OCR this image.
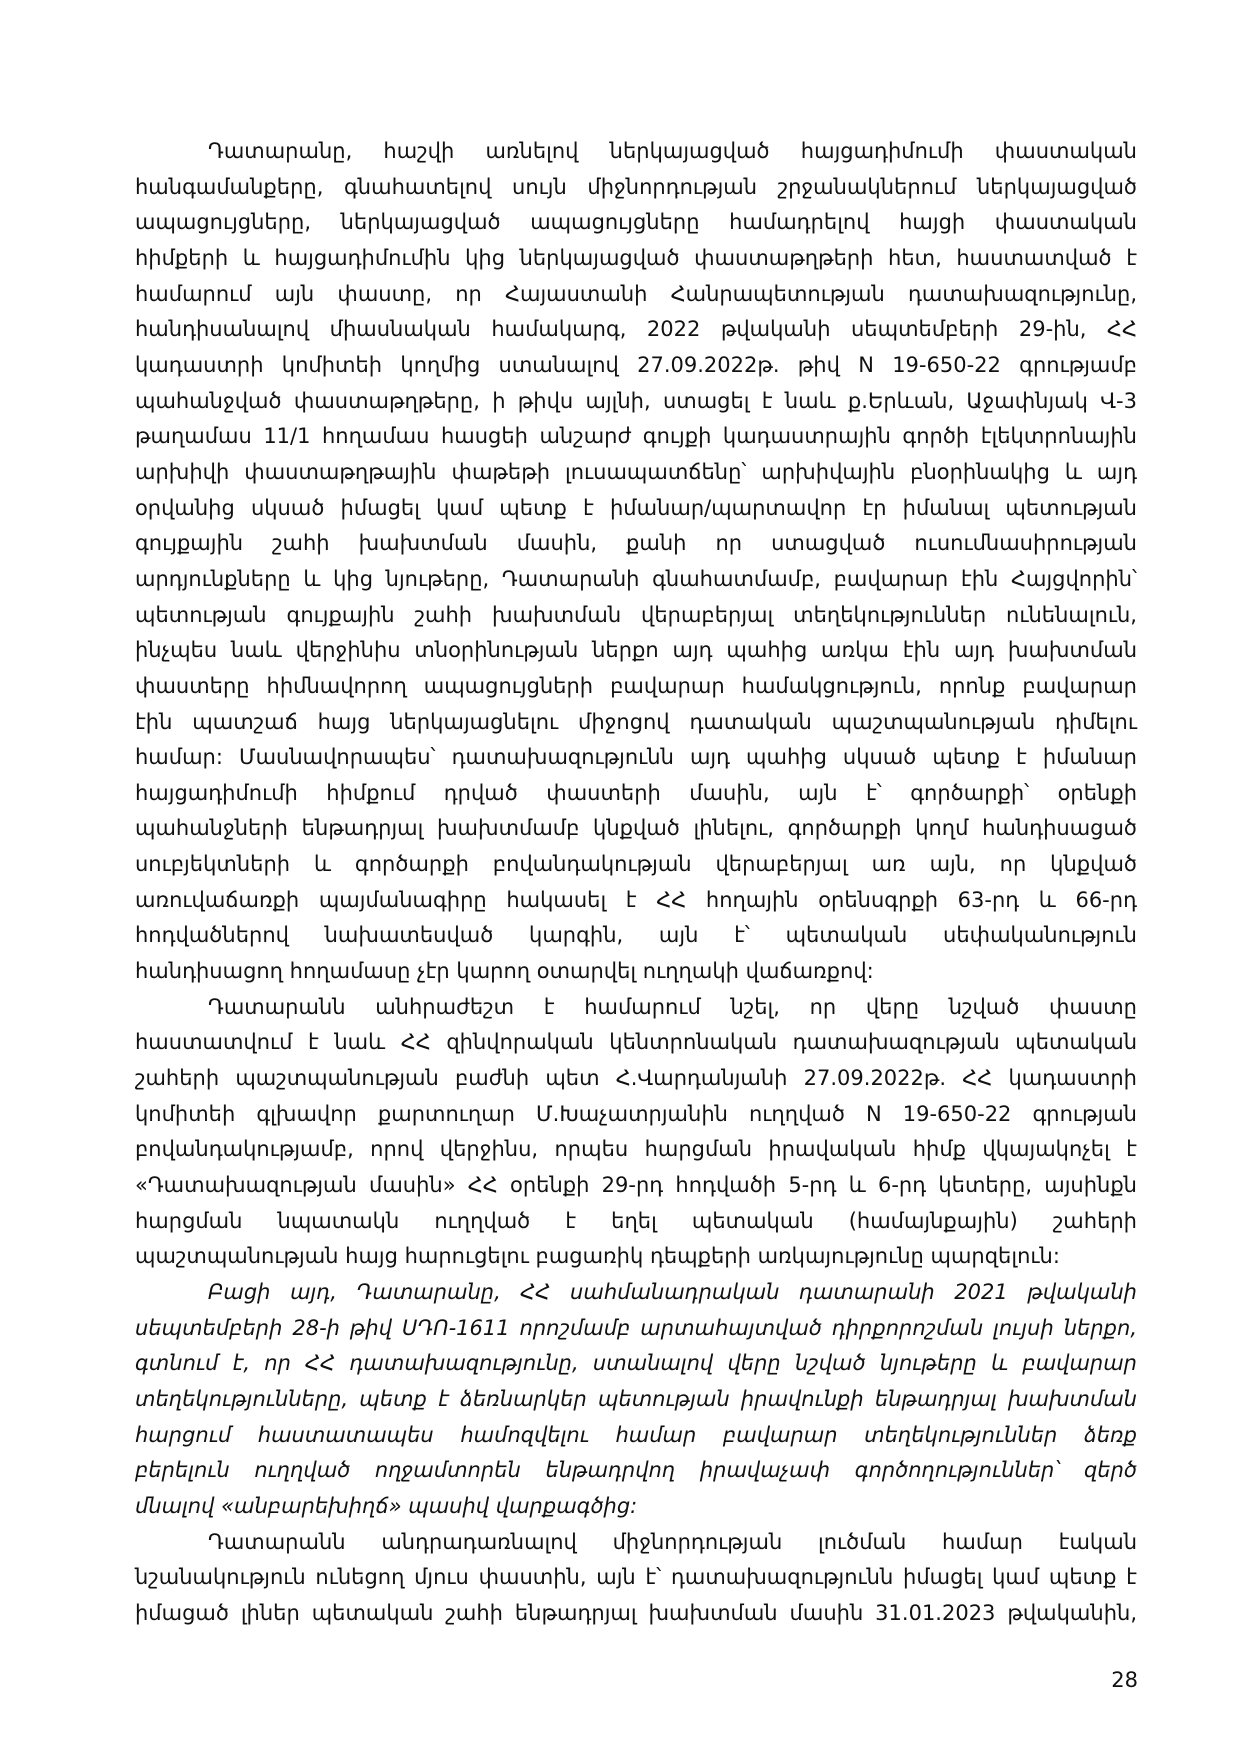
Դատարանը, հաշվի առնելով ներկայացված հայցադիմումի փաստական
հանգամանքերը, գնահատելով սույն միջնորդության շրջանակներում ներկայացված
ապացույցները, ներկայացված ապացույցները համադրելով հայցի փաստական
հիմքերի և հայցադիմումին կից ներկայացված փաստաթղթերի հետ, հաստատված է
համարում այն փաստը, որ Հայաստանի Հանրապետության դատախազությունը,
հանդիսանալով միասնական համակարգ, 2022 թվականի սեպտեմբերի 29-ին, ՀՀ
կադաստրի կոմիտեի կողմից ստանալով 27.09.2022թ. թիվ N 19-650-22 գրությամբ
պահանջված փաստաթղթերը, ի թիվս այլնի, ստացել է նաև ք.Երևան, Աջափնյակ Վ-3
թաղամաս 11/1 հողամաս հասցեի անշարժ գույքի կադաստրային գործի էլեկտրոնային
արխիվի փաստաթղթային փաթեթի լուսապատճենը՝ արխիվային բնօրինակից և այդ
օրվանից սկսած իմացել կամ պետք է իմանար/պարտավոր էր իմանալ պետության
գույքային շահի խախտման մասին, քանի որ ստացված ուսումնասիրության
արդյունքները և կից նյութերը, Դատարանի գնահատմամբ, բավարար էին Հայցվորին՝
պետության գույքային շահի խախտման վերաբերյալ տեղեկություններ ունենալուն,
ինչպես նաև վերջինիս տնօրինության ներքո այդ պահից առկա էին այդ խախտման
փաստերը հիմնավորող ապացույցների բավարար համակցություն, որոնք բավարար
էին պատշաճ հայց ներկայացնելու միջոցով դատական պաշտպանության դիմելու
համար: Մասնավորապես՝ դատախազությունն այդ պահից սկսած պետք է իմանար
հայցադիմումի հիմքում դրված փաստերի մասին, այն է՝ գործարքի՝ օրենքի
պահանջների ենթադրյալ խախտմամբ կնքված լինելու, գործարքի կողմ հանդիսացած
սուբյեկտների և գործարքի բովանդակության վերաբերյալ առ այն, որ կնքված
առուվաճառքի պայմանագիրը հակասել է ՀՀ հողային օրենսգրքի 63-րդ և 66-րդ
հոդվածներով նախատեսված կարգին, այն է՝ պետական սեփականություն
հանդիսացող հողամասը չէր կարող օտարվել ուղղակի վաճառքով:
Դատարանն անհրաժեշտ է համարում նշել, որ վերը նշված փաստը
հաստատվում է նաև ՀՀ զինվորական կենտրոնական դատախազության պետական
շահերի պաշտպանության բաժնի պետ Հ.Վարդանյանի 27.09.2022թ. ՀՀ կադաստրի
կոմիտեի գլխավոր քարտուղար Մ.Խաչատրյանին ուղղված N 19-650-22 գրության
բովանդակությամբ, որով վերջինս, որպես հարցման իրավական հիմք վկայակոչել է
«Դատախազության մասին» ՀՀ օրենքի 29-րդ հոդվածի 5-րդ և 6-րդ կետերը, այսինքն
հարցման նպատակն ուղղված է եղել պետական (համայնքային) շահերի
պաշտպանության հայց հարուցելու բացառիկ դեպքերի առկայությունը պարզելուն:
Բացի այդ, Դատարանը, ՀՀ սահմանադրական դատարանի 2021 թվականի
սեպտեմբերի 28-ի թիվ ՍԴՈ-1611 որոշմամբ արտահայտված դիրքորոշման լույսի ներքո,
գտնում է, որ ՀՀ դատախազությունը, ստանալով վերը նշված նյութերը և բավարար
տեղեկությունները, պետք է ձեռնարկեր պետության իրավունքի ենթադրյալ խախտման
հարցում հաստատապես համոզվելու համար բավարար տեղեկություններ ձեռք
բերելուն ուղղված ողջամտորեն ենթադրվող իրավաչափ գործողություններ՝ զերծ
մնալով «անբարեխիղճ» պասիվ վարքագծից:
Դատարանն անդրադառնալով միջնորդության լուծման համար էական
նշանակություն ունեցող մյուս փաստին, այն է՝ դատախազությունն իմացել կամ պետք է
իմացած լիներ պետական շահի ենթադրյալ խախտման մասին 31.01.2023 թվականին,
28
